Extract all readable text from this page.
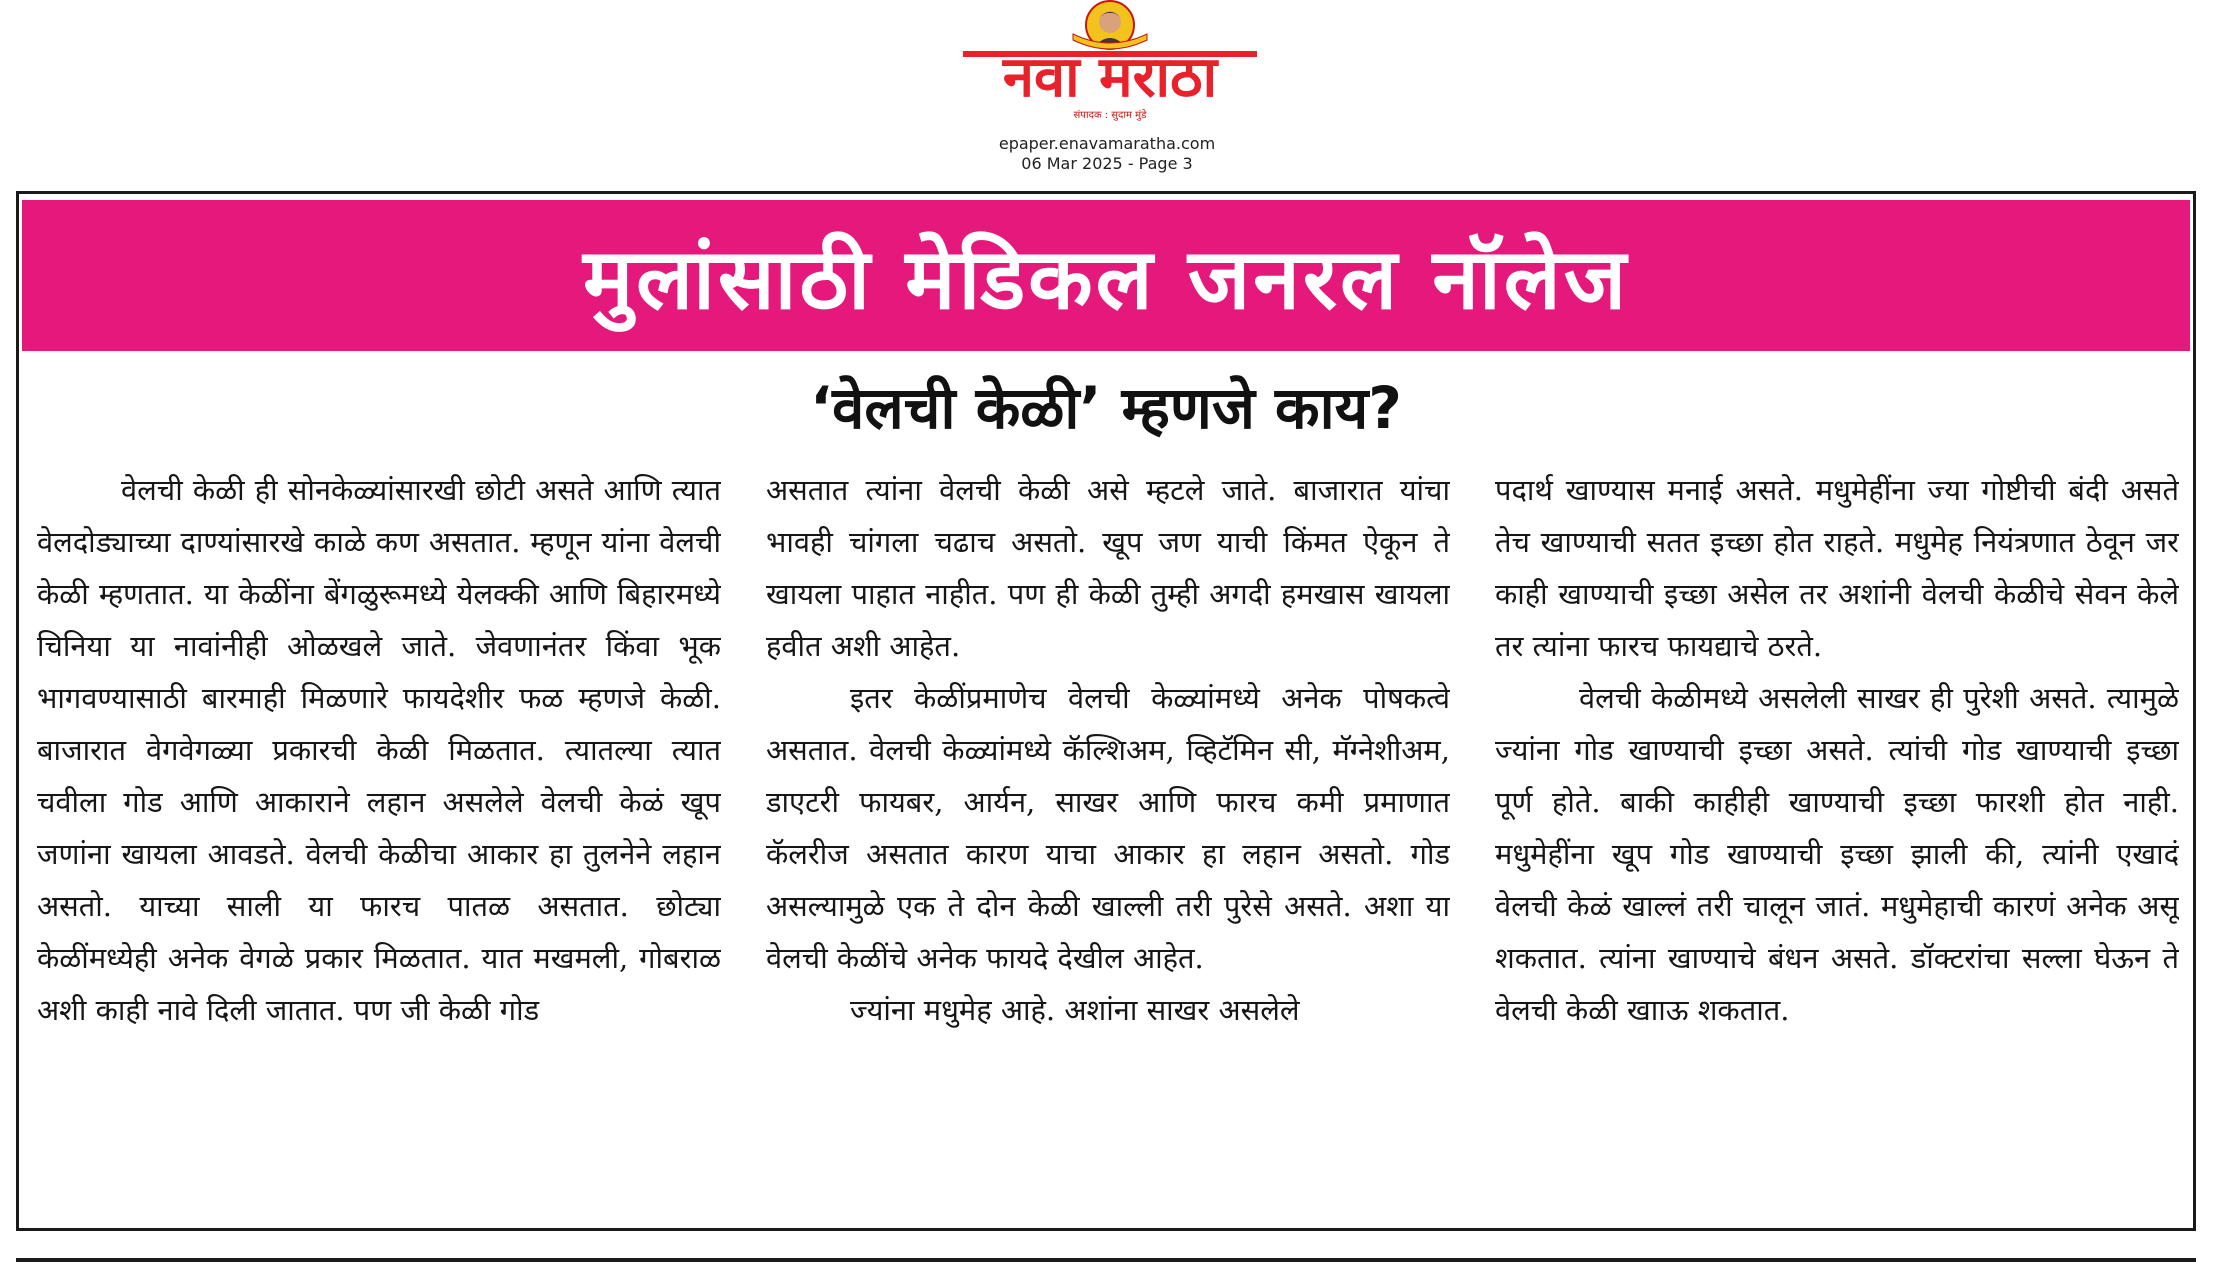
नवा मराठा
संपादक : सुदाम मुंडे
epaper.enavamaratha.com
06 Mar 2025 - Page 3
मुलांसाठी मेडिकल जनरल नॉलेज
‘वेलची केळी’ म्हणजे काय?

वेलची केळी ही सोनकेळ्यांसारखी छोटी असते आणि त्यात वेलदोड्याच्या दाण्यांसारखे काळे कण असतात. म्हणून यांना वेलची केळी म्हणतात. या केळींना बेंगळुरूमध्ये येलक्की आणि बिहारमध्ये चिनिया या नावांनीही ओळखले जाते. जेवणानंतर किंवा भूक भागवण्यासाठी बारमाही मिळणारे फायदेशीर फळ म्हणजे केळी. बाजारात वेगवेगळ्या प्रकारची केळी मिळतात. त्यातल्या त्यात चवीला गोड आणि आकाराने लहान असलेले वेलची केळं खूप जणांना खायला आवडते. वेलची केळीचा आकार हा तुलनेने लहान असतो. याच्या साली या फारच पातळ असतात. छोट्या केळींमध्येही अनेक वेगळे प्रकार मिळतात. यात मखमली, गोबराळ अशी काही नावे दिली जातात. पण जी केळी गोड

असतात त्यांना वेलची केळी असे म्हटले जाते. बाजारात यांचा भावही चांगला चढाच असतो. खूप जण याची किंमत ऐकून ते खायला पाहात नाहीत. पण ही केळी तुम्ही अगदी हमखास खायला हवीत अशी आहेत.

इतर केळींप्रमाणेच वेलची केळ्यांमध्ये अनेक पोषकत्वे असतात. वेलची केळ्यांमध्ये कॅल्शिअम, व्हिटॅमिन सी, मॅग्नेशीअम, डाएटरी फायबर, आर्यन, साखर आणि फारच कमी प्रमाणात कॅलरीज असतात कारण याचा आकार हा लहान असतो. गोड असल्यामुळे एक ते दोन केळी खाल्ली तरी पुरेसे असते. अशा या वेलची केळींचे अनेक फायदे देखील आहेत.

ज्यांना मधुमेह आहे. अशांना साखर असलेले

पदार्थ खाण्यास मनाई असते. मधुमेहींना ज्या गोष्टीची बंदी असते तेच खाण्याची सतत इच्छा होत राहते. मधुमेह नियंत्रणात ठेवून जर काही खाण्याची इच्छा असेल तर अशांनी वेलची केळीचे सेवन केले तर त्यांना फारच फायद्याचे ठरते.

वेलची केळीमध्ये असलेली साखर ही पुरेशी असते. त्यामुळे ज्यांना गोड खाण्याची इच्छा असते. त्यांची गोड खाण्याची इच्छा पूर्ण होते. बाकी काहीही खाण्याची इच्छा फारशी होत नाही. मधुमेहींना खूप गोड खाण्याची इच्छा झाली की, त्यांनी एखादं वेलची केळं खाल्लं तरी चालून जातं. मधुमेहाची कारणं अनेक असू शकतात. त्यांना खाण्याचे बंधन असते. डॉक्टरांचा सल्ला घेऊन ते वेलची केळी खााऊ शकतात.
